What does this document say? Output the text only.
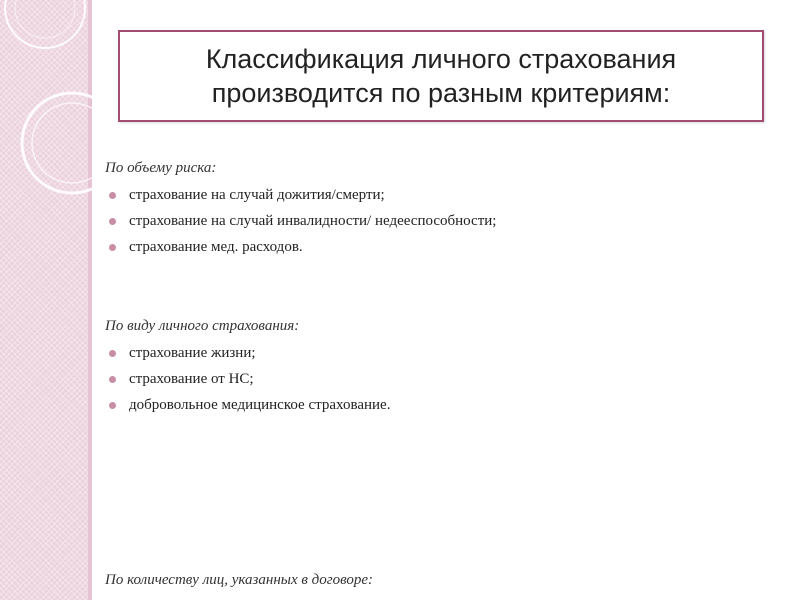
Классификация личного страхования
производится по разным критериям:

По объему риска:

страхование на случай дожития/смерти;
страхование на случай инвалидности/ недееспособности;
страхование мед. расходов.

По виду личного страхования:

страхование жизни;
страхование от НС;
добровольное медицинское страхование.

По количеству лиц, указанных в договоре:
